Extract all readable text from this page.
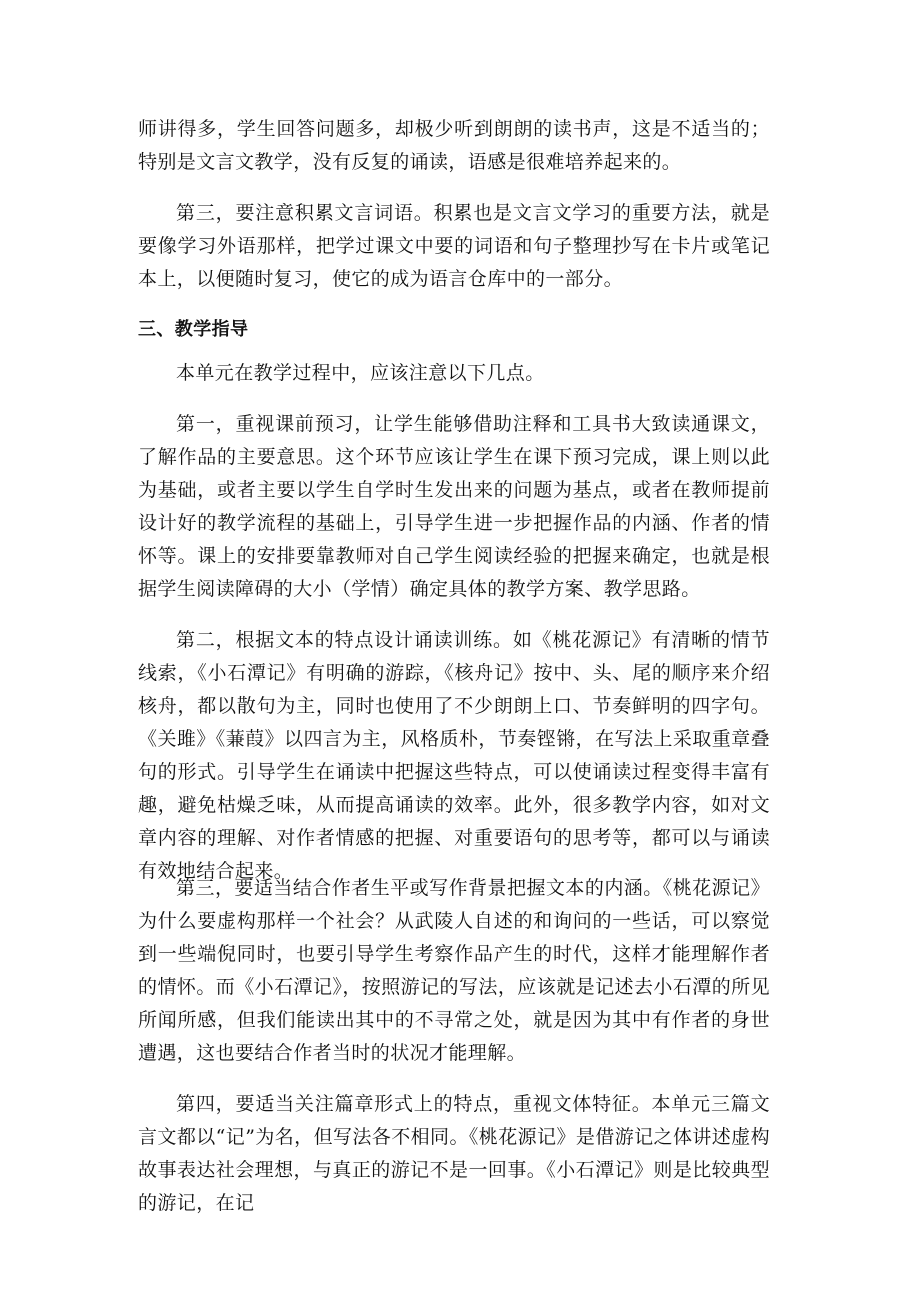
师讲得多，学生回答问题多，却极少听到朗朗的读书声，这是不适当的；特别是文言文教学，没有反复的诵读，语感是很难培养起来的。

第三，要注意积累文言词语。积累也是文言文学习的重要方法，就是要像学习外语那样，把学过课文中要的词语和句子整理抄写在卡片或笔记本上，以便随时复习，使它的成为语言仓库中的一部分。

三、教学指导

本单元在教学过程中，应该注意以下几点。

第一，重视课前预习，让学生能够借助注释和工具书大致读通课文，了解作品的主要意思。这个环节应该让学生在课下预习完成，课上则以此为基础，或者主要以学生自学时生发出来的问题为基点，或者在教师提前设计好的教学流程的基础上，引导学生进一步把握作品的内涵、作者的情怀等。课上的安排要靠教师对自己学生阅读经验的把握来确定，也就是根据学生阅读障碍的大小（学情）确定具体的教学方案、教学思路。

第二，根据文本的特点设计诵读训练。如《桃花源记》有清晰的情节线索，《小石潭记》有明确的游踪，《核舟记》按中、头、尾的顺序来介绍核舟，都以散句为主，同时也使用了不少朗朗上口、节奏鲜明的四字句。《关雎》《蒹葭》以四言为主，风格质朴，节奏铿锵，在写法上采取重章叠句的形式。引导学生在诵读中把握这些特点，可以使诵读过程变得丰富有趣，避免枯燥乏味，从而提高诵读的效率。此外，很多教学内容，如对文章内容的理解、对作者情感的把握、对重要语句的思考等，都可以与诵读有效地结合起来。

第三，要适当结合作者生平或写作背景把握文本的内涵。《桃花源记》为什么要虚构那样一个社会？从武陵人自述的和询问的一些话，可以察觉到一些端倪同时，也要引导学生考察作品产生的时代，这样才能理解作者的情怀。而《小石潭记》，按照游记的写法，应该就是记述去小石潭的所见所闻所感，但我们能读出其中的不寻常之处，就是因为其中有作者的身世遭遇，这也要结合作者当时的状况才能理解。

第四，要适当关注篇章形式上的特点，重视文体特征。本单元三篇文言文都以“记”为名，但写法各不相同。《桃花源记》是借游记之体讲述虚构故事表达社会理想，与真正的游记不是一回事。《小石潭记》则是比较典型的游记，在记
